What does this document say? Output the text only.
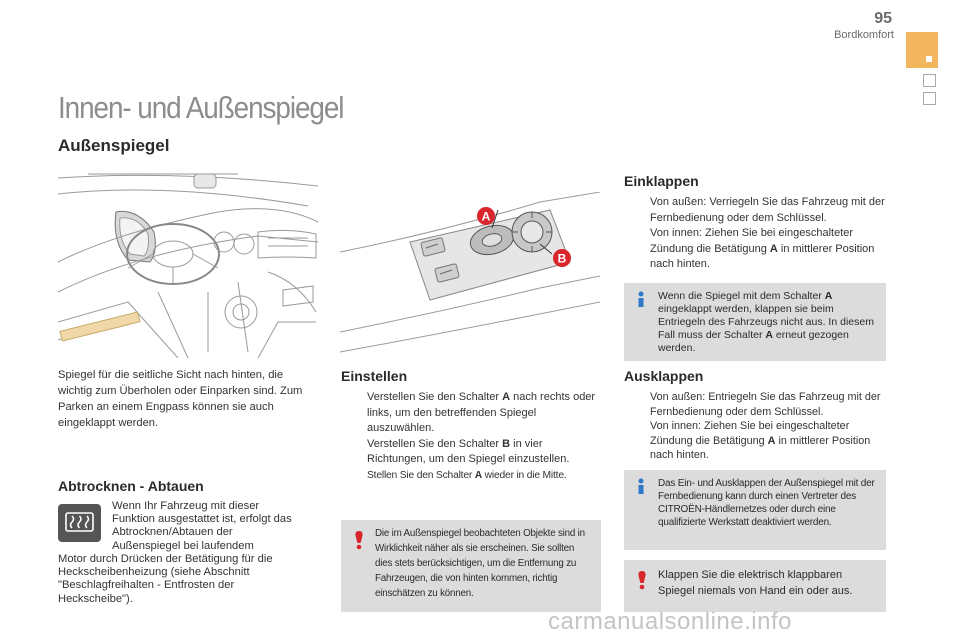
95
Bordkomfort
Innen- und Außenspiegel
Außenspiegel
A
B
Spiegel für die seitliche Sicht nach hinten, die wichtig zum Überholen oder Einparken sind. Zum Parken an einem Engpass können sie auch eingeklappt werden.
Abtrocknen - Abtauen
Wenn Ihr Fahrzeug mit dieser Funktion ausgestattet ist, erfolgt das Abtrocknen/Abtauen der Außenspiegel bei laufendem
Motor durch Drücken der Betätigung für die Heckscheibenheizung (siehe Abschnitt "Beschlagfreihalten - Entfrosten der Heckscheibe").
Einstellen
Verstellen Sie den Schalter A nach rechts oder links, um den betreffenden Spiegel auszuwählen.
Verstellen Sie den Schalter B in vier Richtungen, um den Spiegel einzustellen.
Stellen Sie den Schalter A wieder in die Mitte.
Die im Außenspiegel beobachteten Objekte sind in Wirklichkeit näher als sie erscheinen. Sie sollten dies stets berücksichtigen, um die Entfernung zu Fahrzeugen, die von hinten kommen, richtig einschätzen zu können.
Einklappen
Von außen: Verriegeln Sie das Fahrzeug mit der Fernbedienung oder dem Schlüssel.
Von innen: Ziehen Sie bei eingeschalteter Zündung die Betätigung A in mittlerer Position nach hinten.
Wenn die Spiegel mit dem Schalter A eingeklappt werden, klappen sie beim Entriegeln des Fahrzeugs nicht aus. In diesem Fall muss der Schalter A erneut gezogen werden.
Ausklappen
Von außen: Entriegeln Sie das Fahrzeug mit der Fernbedienung oder dem Schlüssel.
Von innen: Ziehen Sie bei eingeschalteter Zündung die Betätigung A in mittlerer Position nach hinten.
Das Ein- und Ausklappen der Außenspiegel mit der Fernbedienung kann durch einen Vertreter des CITROËN-Händlernetzes oder durch eine qualifizierte Werkstatt deaktiviert werden.
Klappen Sie die elektrisch klappbaren Spiegel niemals von Hand ein oder aus.
carmanualsonline.info
